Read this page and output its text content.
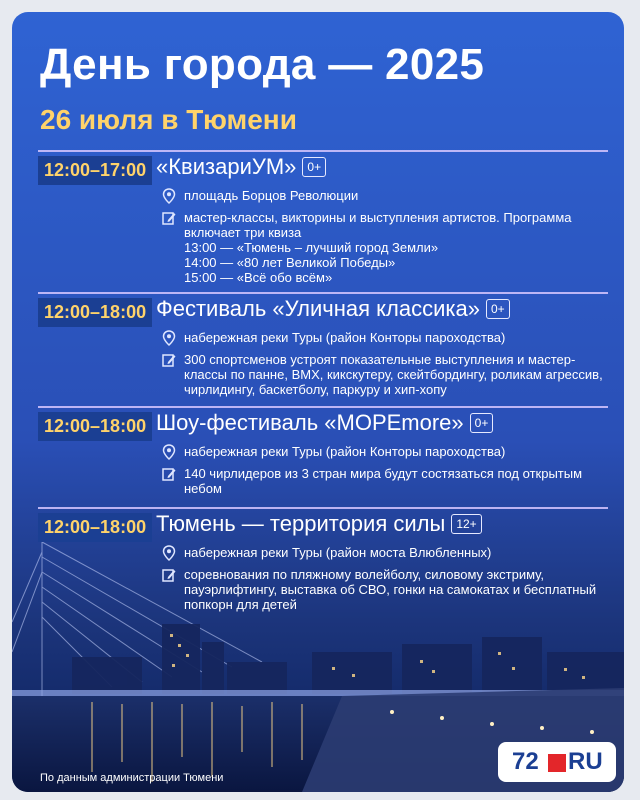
День города — 2025
26 июля в Тюмени
12:00–17:00 «КвизариУМ» 0+
площадь Борцов Революции
мастер-классы, викторины и выступления артистов. Программа
включает три квиза
13:00 — «Тюмень – лучший город Земли»
14:00 — «80 лет Великой Победы»
15:00 — «Всё обо всём»
12:00–18:00 Фестиваль «Уличная классика» 0+
набережная реки Туры (район Конторы пароходства)
300 спортсменов устроят показательные выступления и мастер-
классы по панне, BMX, кикскутеру, скейтбордингу, роликам агрессив,
чирлидингу, баскетболу, паркуру и хип-хопу
12:00–18:00 Шоу-фестиваль «МОРЕmore» 0+
набережная реки Туры (район Конторы пароходства)
140 чирлидеров из 3 стран мира будут состязаться под открытым
небом
12:00–18:00 Тюмень — территория силы 12+
набережная реки Туры (район моста Влюбленных)
соревнования по пляжному волейболу, силовому экстриму,
пауэрлифтингу, выставка об СВО, гонки на самокатах и бесплатный
попкорн для детей
По данным администрации Тюмени
72 RU
